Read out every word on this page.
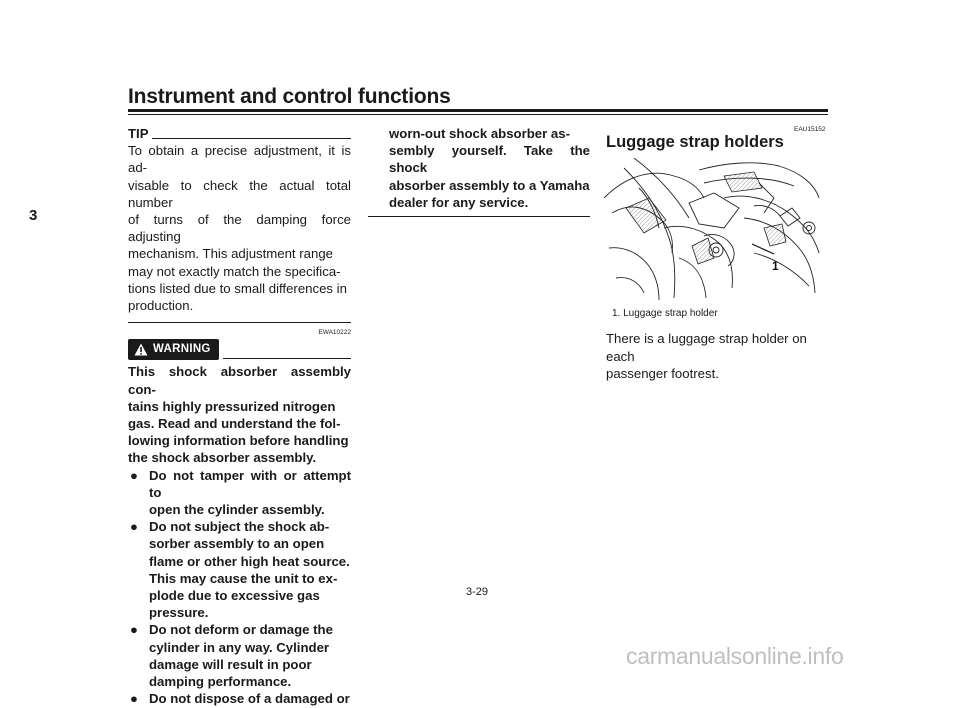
Instrument and control functions
3
TIP
To obtain a precise adjustment, it is ad-
visable to check the actual total number
of turns of the damping force adjusting
mechanism. This adjustment range
may not exactly match the specifica-
tions listed due to small differences in
production.
EWA10222
WARNING
This shock absorber assembly con-
tains highly pressurized nitrogen
gas. Read and understand the fol-
lowing information before handling
the shock absorber assembly.
● Do not tamper with or attempt to
open the cylinder assembly.
● Do not subject the shock ab-
sorber assembly to an open
flame or other high heat source.
This may cause the unit to ex-
plode due to excessive gas
pressure.
● Do not deform or damage the
cylinder in any way. Cylinder
damage will result in poor
damping performance.
● Do not dispose of a damaged or
worn-out shock absorber as-
sembly yourself. Take the shock
absorber assembly to a Yamaha
dealer for any service.
EAU15152
Luggage strap holders
1
1. Luggage strap holder
There is a luggage strap holder on each
passenger footrest.
3-29
carmanualsonline.info
